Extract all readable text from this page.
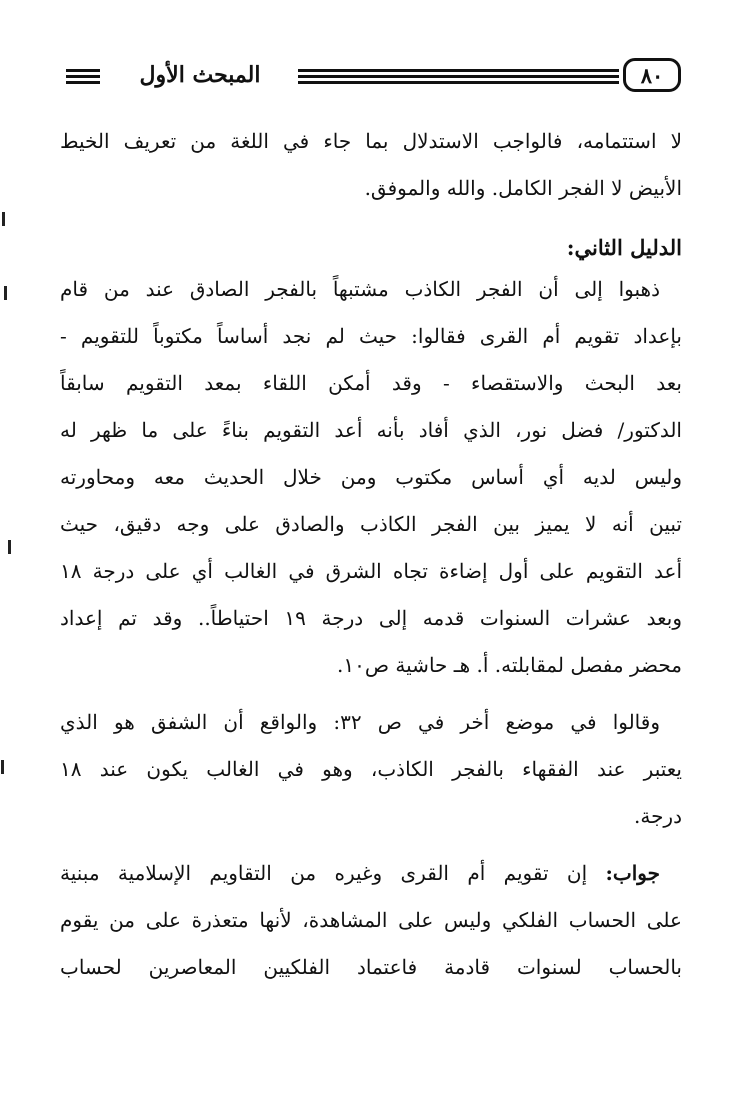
٨٠
المبحث الأول
لا استتمامه، فالواجب الاستدلال بما جاء في اللغة من تعريف الخيط
الأبيض لا الفجر الكامل. والله والموفق.
الدليل الثاني:
ذهبوا إلى أن الفجر الكاذب مشتبهاً بالفجر الصادق عند من قام
بإعداد تقويم أم القرى فقالوا: حيث لم نجد أساساً مكتوباً للتقويم -
بعد البحث والاستقصاء - وقد أمكن اللقاء بمعد التقويم سابقاً
الدكتور/ فضل نور، الذي أفاد بأنه أعد التقويم بناءً على ما ظهر له
وليس لديه أي أساس مكتوب ومن خلال الحديث معه ومحاورته
تبين أنه لا يميز بين الفجر الكاذب والصادق على وجه دقيق، حيث
أعد التقويم على أول إضاءة تجاه الشرق في الغالب أي على درجة ١٨
وبعد عشرات السنوات قدمه إلى درجة ١٩ احتياطاً.. وقد تم إعداد
محضر مفصل لمقابلته. أ. هـ حاشية ص١٠.
وقالوا في موضع أخر في ص ٣٢: والواقع أن الشفق هو الذي
يعتبر عند الفقهاء بالفجر الكاذب، وهو في الغالب يكون عند ١٨
درجة.
جواب: إن تقويم أم القرى وغيره من التقاويم الإسلامية مبنية
على الحساب الفلكي وليس على المشاهدة، لأنها متعذرة على من يقوم
بالحساب لسنوات قادمة فاعتماد الفلكيين المعاصرين لحساب
